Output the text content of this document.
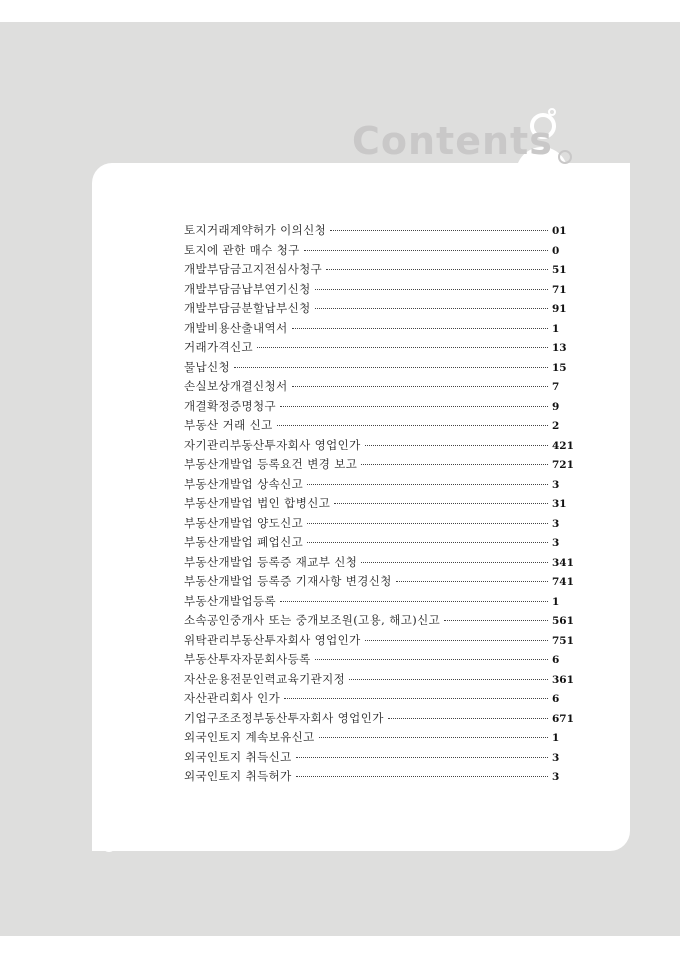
Contents
토지거래계약허가 이의신청	01
토지에 관한 매수 청구	0
개발부담금고지전심사청구	51
개발부담금납부연기신청	71
개발부담금분할납부신청	91
개발비용산출내역서	1
거래가격신고	13
물납신청	15
손실보상개결신청서	7
개결확정증명청구	9
부동산 거래 신고	2
자기관리부동산투자회사 영업인가	421
부동산개발업 등록요건 변경 보고	721
부동산개발업 상속신고	3
부동산개발업 법인 합병신고	31
부동산개발업 양도신고	3
부동산개발업 폐업신고	3
부동산개발업 등록증 재교부 신청	341
부동산개발업 등록증 기재사항 변경신청	741
부동산개발업등록	1
소속공인중개사 또는 중개보조원(고용, 해고)신고	561
위탁관리부동산투자회사 영업인가	751
부동산투자자문회사등록	6
자산운용전문인력교육기관지정	361
자산관리회사 인가	6
기업구조조정부동산투자회사 영업인가	671
외국인토지 계속보유신고	1
외국인토지 취득신고	3
외국인토지 취득허가	3
